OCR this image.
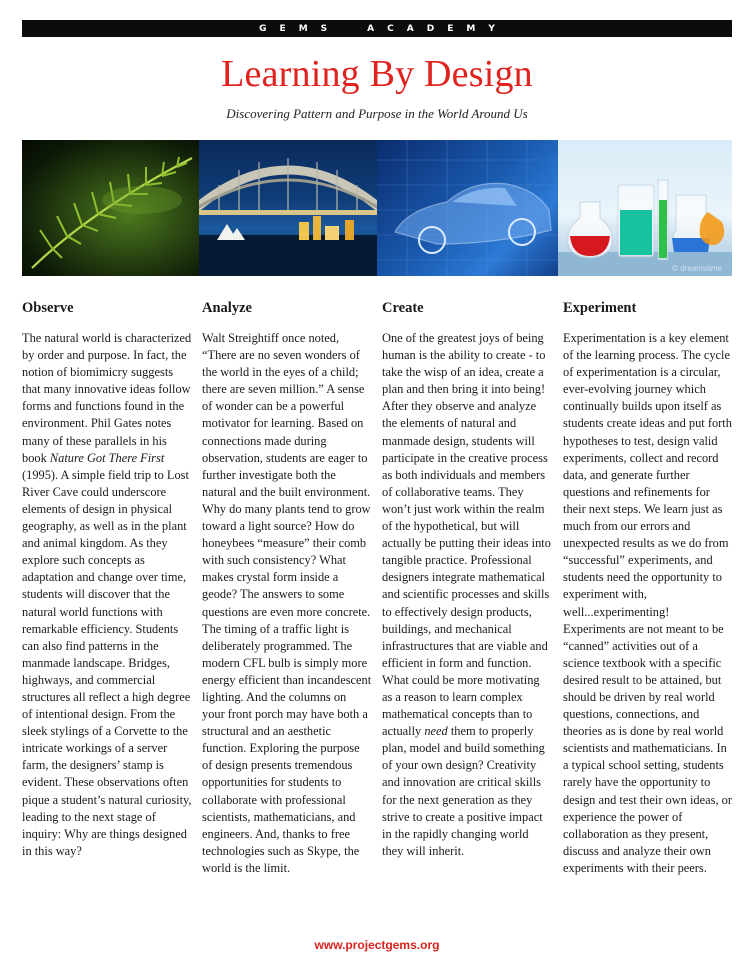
G E M S	A C A D E M Y
Learning By Design
Discovering Pattern and Purpose in the World Around Us
© dreamstime
Observe

The natural world is characterized by order and purpose. In fact, the notion of biomimicry suggests that many innovative ideas follow forms and functions found in the environment. Phil Gates notes many of these parallels in his book Nature Got There First (1995). A simple field trip to Lost River Cave could underscore elements of design in physical geography, as well as in the plant and animal kingdom. As they explore such concepts as adaptation and change over time, students will discover that the natural world functions with remarkable efficiency. Students can also find patterns in the manmade landscape. Bridges, highways, and commercial structures all reflect a high degree of intentional design. From the sleek stylings of a Corvette to the intricate workings of a server farm, the designers’ stamp is evident. These observations often pique a student’s natural curiosity, leading to the next stage of inquiry: Why are things designed in this way?

Analyze

Walt Streightiff once noted, “There are no seven wonders of the world in the eyes of a child; there are seven million.” A sense of wonder can be a powerful motivator for learning. Based on connections made during observation, students are eager to further investigate both the natural and the built environment. Why do many plants tend to grow toward a light source? How do honeybees “measure” their comb with such consistency? What makes crystal form inside a geode? The answers to some questions are even more concrete. The timing of a traffic light is deliberately programmed. The modern CFL bulb is simply more energy efficient than incandescent lighting. And the columns on your front porch may have both a structural and an aesthetic function. Exploring the purpose of design presents tremendous opportunities for students to collaborate with professional scientists, mathematicians, and engineers. And, thanks to free technologies such as Skype, the world is the limit.

Create

One of the greatest joys of being human is the ability to create - to take the wisp of an idea, create a plan and then bring it into being! After they observe and analyze the elements of natural and manmade design, students will participate in the creative process as both individuals and members of collaborative teams. They won’t just work within the realm of the hypothetical, but will actually be putting their ideas into tangible practice. Professional designers integrate mathematical and scientific processes and skills to effectively design products, buildings, and mechanical infrastructures that are viable and efficient in form and function. What could be more motivating as a reason to learn complex mathematical concepts than to actually need them to properly plan, model and build something of your own design? Creativity and innovation are critical skills for the next generation as they strive to create a positive impact in the rapidly changing world they will inherit.

Experiment

Experimentation is a key element of the learning process. The cycle of experimentation is a circular, ever-evolving journey which continually builds upon itself as students create ideas and put forth hypotheses to test, design valid experiments, collect and record data, and generate further questions and refinements for their next steps. We learn just as much from our errors and unexpected results as we do from “successful” experiments, and students need the opportunity to experiment with, well...experimenting! Experiments are not meant to be “canned” activities out of a science textbook with a specific desired result to be attained, but should be driven by real world questions, connections, and theories as is done by real world scientists and mathematicians. In a typical school setting, students rarely have the opportunity to design and test their own ideas, or experience the power of collaboration as they present, discuss and analyze their own experiments with their peers.

www.projectgems.org
